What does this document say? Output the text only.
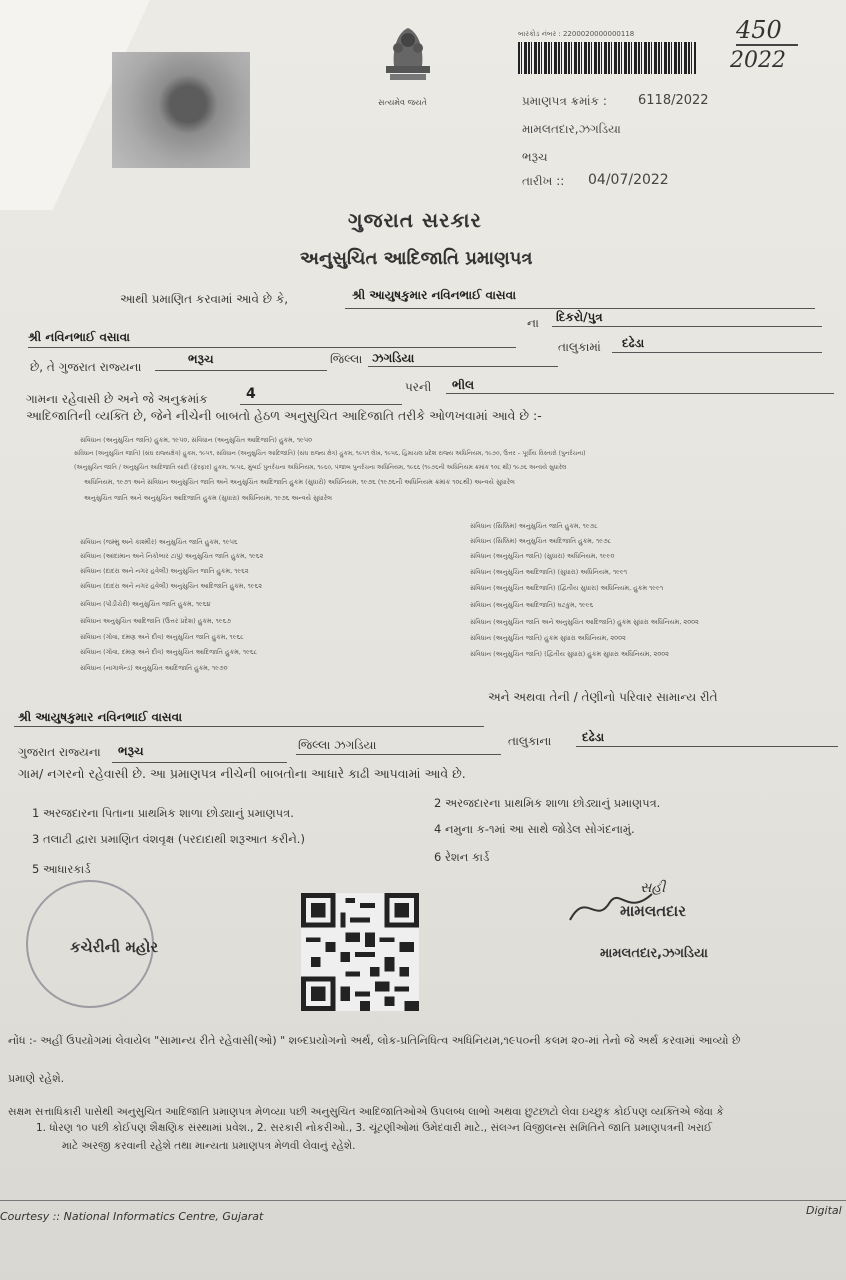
સત્યમેવ જયતે
બારકોડ નંબર : 2200020000000118	450
2022
પ્રમાણપત્ર ક્રમાંક : 6118/2022
મામલતદાર,ઝગડિયા
ભરૂચ
તારીખ :: 04/07/2022
ગુજરાત સરકાર
અનુસુચિત આદિજાતિ પ્રમાણપત્ર
આથી પ્રમાણિત કરવામાં આવે છે કે,	શ્રી આયુષકુમાર નવિનભાઈ વાસવા
શ્રી નવિનભાઈ વસાવા
ના દિકરો/પુત્ર
છે, તે ગુજરાત રાજ્યના
ભરૂચ	જિલ્લા ઝગડિયા
તાલુકામાં દઢેડા
ગામના રહેવાસી છે અને જે અનુક્રમાંક	4	પરની ભીલ
આદિજાતિની વ્યક્તિ છે, જેને નીચેની બાબતો હેઠળ અનુસુચિત આદિજાતિ તરીકે ઓળખવામાં આવે છે :-
સંવિધાન (અનુસુચિત જાતિ) હુકમ, ૧૯૫૦, સંવિધાન (અનુસુચિત આદિજાતિ) હુકમ, ૧૯૫૦
સંવિધાન (અનુસુચિત જાતિ) (સંઘ રાજ્યક્ષેત્ર) હુકમ, ૧૯૫૧, સંવિધાન (અનુસુચિત આદિજાતિ) (સંઘ રાજ્ય ક્ષેત્ર) હુકમ, ૧૯૫૧ લેખ, ૧૯૫૬, હિમાચલ પ્રદેશ રાજ્ય અધિનિયમ, ૧૯૭૦, ઉત્તર – પૂર્વીય વિસ્તારો (પુનર્રચના)
(અનુસુચિત જાતિ / અનુસુચિત આદિજાતિ યાદી (ફેરફાર) હુકમ, ૧૯૫૬, મુંબઈ પુનર્રચના અધિનિયમ, ૧૯૬૦, પંજાબ પુનર્રચના અધિનિયમ, ૧૯૬૬ (૧૯૭૬ની અધિનિયમ ક્રમાંક ૧૦૮ થી) ૧૯૭૬ અન્વયે સુધારેલ
અધિનિયમ, ૧૯૭૧ અને સંવિધાન અનુસુચિત જાતિ અને અનુસુચિત આદિજાતિ હુકમ (સુધારો) અધિનિયમ, ૧૯૭૬ (૧૯૭૬ની અધિનિયમ ક્રમાંક ૧૦૮થી) અન્વયે સુધારેલ
અનુસુચિત જાતિ અને અનુસુચિત આદિજાતિ હુકમ (સુધારા) અધિનિયમ, ૧૯૭૬ અન્વયે સુધારેલ
સંવિધાન (જમ્મુ અને કાશ્મીર) અનુસુચિત જાતિ હુકમ, ૧૯૫૬
સંવિધાન (આંદામાન અને નિકોબાર ટાપુ) અનુસુચિત જાતિ હુકમ, ૧૯૬૨
સંવિધાન (દાદરા અને નગર હવેલી) અનુસુચિત જાતિ હુકમ, ૧૯૬૨
સંવિધાન (દાદરા અને નગર હવેલી) અનુસુચિત આદિજાતિ હુકમ, ૧૯૬૨
સંવિધાન (પોંડીચેરી) અનુસુચિત જાતિ હુકમ, ૧૯૬૪
સંવિધાન અનુસુચિત આદિજાતિ (ઉત્તર પ્રદેશ) હુકમ, ૧૯૬૭
સંવિધાન (ગોવા, દમણ અને દીવ) અનુસુચિત જાતિ હુકમ, ૧૯૬૮
સંવિધાન (ગોવા, દમણ અને દીવ) અનુસુચિત આદિજાતિ હુકમ, ૧૯૬૮
સંવિધાન (નાગાલેન્ડ) અનુસુચિત આદિજાતિ હુકમ, ૧૯૭૦
સંવિધાન (સિક્કિમ) અનુસુચિત જાતિ હુકમ, ૧૯૭૮
સંવિધાન (સિક્કિમ) અનુસુચિત આદિજાતિ હુકમ, ૧૯૭૮
સંવિધાન (અનુસુચિત જાતિ) (સુધારા) અધિનિયમ, ૧૯૯૦
સંવિધાન (અનુસુચિત આદિજાતિ) (સુધારા) અધિનિયમ, ૧૯૯૧
સંવિધાન (અનુસુચિત આદિજાતિ) (દ્વિતીય સુધારા) અધિનિયમ, હુકમ ૧૯૯૧
સંવિધાન (અનુસુચિત આદિજાતિ) ઘટકુમ, ૧૯૯૬
સંવિધાન (અનુસુચિત જાતિ અને અનુસુચિત આદિજાતિ) હુકમ સુધારા અધિનિયમ, ૨૦૦૨
સંવિધાન (અનુસુચિત જાતિ) હુકમ સુધારા અધિનિયમ, ૨૦૦૨
સંવિધાન (અનુસુચિત જાતિ) (દ્વિતીય સુધારા) હુકમ સુધારા અધિનિયમ, ૨૦૦૨
અને અથવા તેની / તેણીનો પરિવાર સામાન્ય રીતે
શ્રી આયુષકુમાર નવિનભાઈ વાસવા
ગુજરાત રાજ્યના ભરૂચ	જિલ્લા ઝગડિયા	તાલુકાના	દઢેડા
ગામ/ નગરનો રહેવાસી છે. આ પ્રમાણપત્ર નીચેની બાબતોના આધારે કાઢી આપવામાં આવે છે.
1 અરજદારના પિતાના પ્રાથમિક શાળા છોડ્યાનું પ્રમાણપત્ર.
2 અરજદારના પ્રાથમિક શાળા છોડ્યાનું પ્રમાણપત્ર.
3 તલાટી દ્વારા પ્રમાણિત વંશવૃક્ષ (પરદાદાથી શરૂઆત કરીને.)
4 નમુના ક-૧માં આ સાથે જોડેલ સોગંદનામું.
5 આધારકાર્ડ
6 રેશન કાર્ડ
કચેરીની મહોર
સહી
મામલતદાર
મામલતદાર,ઝગડિયા
નોંધ :- અહીં ઉપયોગમાં લેવાયેલ "સામાન્ય રીતે રહેવાસી(ઓ) " શબ્દપ્રયોગનો અર્થ, લોક-પ્રતિનિધિત્વ અધિનિયમ,૧૯૫૦ની કલમ ૨૦-માં તેનો જે અર્થ કરવામાં આવ્યો છે
પ્રમાણે રહેશે.
સક્ષમ સત્તાધિકારી પાસેથી અનુસુચિત આદિજાતિ પ્રમાણપત્ર મેળવ્યા પછી અનુસુચિત આદિજાતિઓએ ઉપલબ્ધ લાભો અથવા છુટછાટો લેવા ઇચ્છુક કોઈપણ વ્યક્તિએ જેવા કે
1. ધોરણ ૧૦ પછી કોઈપણ શૈક્ષણિક સંસ્થામાં પ્રવેશ., 2. સરકારી નોકરીઓ., 3. ચૂંટણીઓમાં ઉમેદવારી માટે., સંલગ્ન વિજીલન્સ સમિતિને જાતિ પ્રમાણપત્રની ખરાઈ
માટે અરજી કરવાની રહેશે તથા માન્યતા પ્રમાણપત્ર મેળવી લેવાનું રહેશે.
Courtesy :: National Informatics Centre, Gujarat	Digital
